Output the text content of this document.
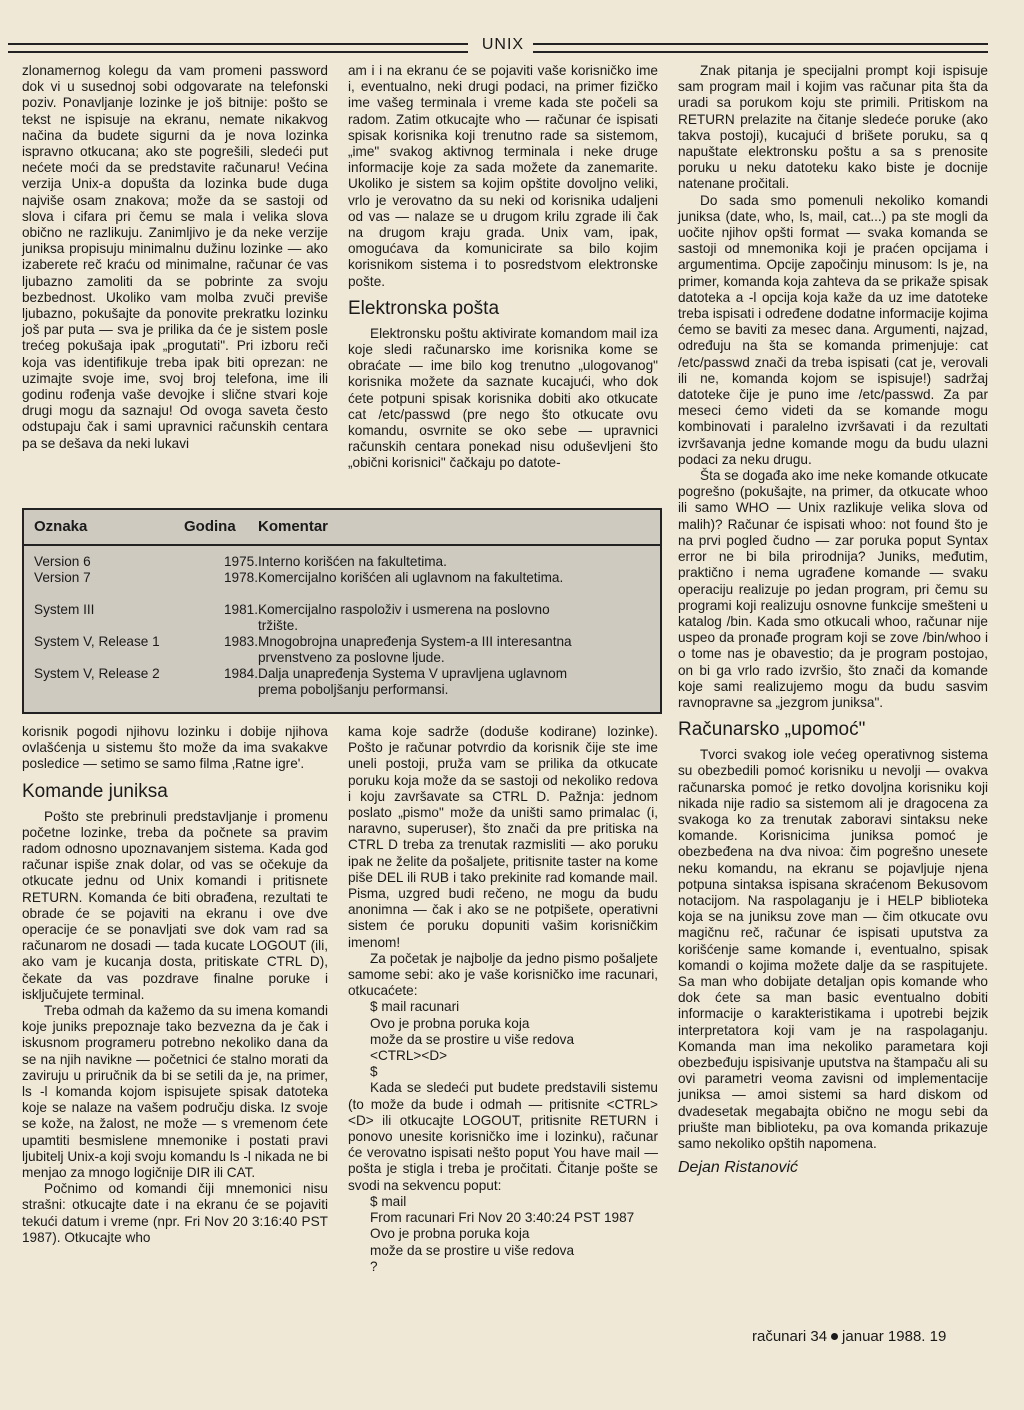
UNIX

zlonamernog kolegu da vam promeni password dok vi u susednoj sobi odgovarate na telefonski poziv. Ponavljanje lozinke je još bitnije: pošto se tekst ne ispisuje na ekranu, nemate nikakvog načina da budete sigurni da je nova lozinka ispravno otkucana; ako ste pogrešili, sledeći put nećete moći da se predstavite računaru! Većina verzija Unix-a dopušta da lozinka bude duga najviše osam znakova; može da se sastoji od slova i cifara pri čemu se mala i velika slova obično ne razlikuju. Zanimljivo je da neke verzije juniksa propisuju minimalnu dužinu lozinke — ako izaberete reč kraću od minimalne, računar će vas ljubazno zamoliti da se pobrinte za svoju bezbednost. Ukoliko vam molba zvuči previše ljubazno, pokušajte da ponovite prekratku lozinku još par puta — sva je prilika da će je sistem posle trećeg pokušaja ipak „progutati". Pri izboru reči koja vas identifikuje treba ipak biti oprezan: ne uzimajte svoje ime, svoj broj telefona, ime ili godinu rođenja vaše devojke i slične stvari koje drugi mogu da saznaju! Od ovoga saveta često odstupaju čak i sami upravnici računskih centara pa se dešava da neki lukavi

am i i na ekranu će se pojaviti vaše korisničko ime i, eventualno, neki drugi podaci, na primer fizičko ime vašeg terminala i vreme kada ste počeli sa radom. Zatim otkucajte who — računar će ispisati spisak korisnika koji trenutno rade sa sistemom, „ime" svakog aktivnog terminala i neke druge informacije koje za sada možete da zanemarite. Ukoliko je sistem sa kojim opštite dovoljno veliki, vrlo je verovatno da su neki od korisnika udaljeni od vas — nalaze se u drugom krilu zgrade ili čak na drugom kraju grada. Unix vam, ipak, omogućava da komunicirate sa bilo kojim korisnikom sistema i to posredstvom elektronske pošte.

Elektronska pošta

Elektronsku poštu aktivirate komandom mail iza koje sledi računarsko ime korisnika kome se obraćate — ime bilo kog trenutno „ulogovanog" korisnika možete da saznate kucajući, who dok ćete potpuni spisak korisnika dobiti ako otkucate cat /etc/passwd (pre nego što otkucate ovu komandu, osvrnite se oko sebe — upravnici računskih centara ponekad nisu oduševljeni što „obični korisnici" čačkaju po datote-

Oznaka	Godina Komentar
Version 6	1975. Interno korišćen na fakultetima.
Version 7	1978. Komercijalno korišćen ali uglavnom na fakultetima.
System III	1981. Komercijalno raspoloživ i usmerena na poslovno tržište.
System V, Release 1	1983. Mnogobrojna unapređenja System-a III interesantna prvenstveno za poslovne ljude.
System V, Release 2	1984. Dalja unapređenja Systema V upravljena uglavnom prema poboljšanju performansi.

korisnik pogodi njihovu lozinku i dobije njihova ovlašćenja u sistemu što može da ima svakakve posledice — setimo se samo filma ‚Ratne igre'.

Komande juniksa

Pošto ste prebrinuli predstavljanje i promenu početne lozinke, treba da počnete sa pravim radom odnosno upoznavanjem sistema. Kada god računar ispiše znak dolar, od vas se očekuje da otkucate jednu od Unix komandi i pritisnete RETURN. Komanda će biti obrađena, rezultati te obrade će se pojaviti na ekranu i ove dve operacije će se ponavljati sve dok vam rad sa računarom ne dosadi — tada kucate LOGOUT (ili, ako vam je kucanja dosta, pritiskate CTRL D), čekate da vas pozdrave finalne poruke i isključujete terminal.

Treba odmah da kažemo da su imena komandi koje juniks prepoznaje tako bezvezna da je čak i iskusnom programeru potrebno nekoliko dana da se na njih navikne — početnici će stalno morati da zaviruju u priručnik da bi se setili da je, na primer, ls -l komanda kojom ispisujete spisak datoteka koje se nalaze na vašem području diska. Iz svoje se kože, na žalost, ne može — s vremenom ćete upamtiti besmislene mnemonike i postati pravi ljubitelj Unix-a koji svoju komandu ls -l nikada ne bi menjao za mnogo logičnije DIR ili CAT.

Počnimo od komandi čiji mnemonici nisu strašni: otkucajte date i na ekranu će se pojaviti tekući datum i vreme (npr. Fri Nov 20 3:16:40 PST 1987). Otkucajte who

kama koje sadrže (doduše kodirane) lozinke). Pošto je računar potvrdio da korisnik čije ste ime uneli postoji, pruža vam se prilika da otkucate poruku koja može da se sastoji od nekoliko redova i koju završavate sa CTRL D. Pažnja: jednom poslato „pismo" može da uništi samo primalac (i, naravno, superuser), što znači da pre pritiska na CTRL D treba za trenutak razmisliti — ako poruku ipak ne želite da pošaljete, pritisnite taster na kome piše DEL ili RUB i tako prekinite rad komande mail. Pisma, uzgred budi rečeno, ne mogu da budu anonimna — čak i ako se ne potpišete, operativni sistem će poruku dopuniti vašim korisničkim imenom!

Za početak je najbolje da jedno pismo pošaljete samome sebi: ako je vaše korisničko ime racunari, otkucaćete:

$ mail racunari

Ovo je probna poruka koja

može da se prostire u više redova

<CTRL><D>

$

Kada se sledeći put budete predstavili sistemu (to može da bude i odmah — pritisnite <CTRL><D> ili otkucajte LOGOUT, pritisnite RETURN i ponovo unesite korisničko ime i lozinku), računar će verovatno ispisati nešto poput You have mail — pošta je stigla i treba je pročitati. Čitanje pošte se svodi na sekvencu poput:

$ mail

From racunari Fri Nov 20 3:40:24 PST 1987

Ovo je probna poruka koja

može da se prostire u više redova

?

Znak pitanja je specijalni prompt koji ispisuje sam program mail i kojim vas računar pita šta da uradi sa porukom koju ste primili. Pritiskom na RETURN prelazite na čitanje sledeće poruke (ako takva postoji), kucajući d brišete poruku, sa q napuštate elektronsku poštu a sa s prenosite poruku u neku datoteku kako biste je docnije natenane pročitali.

Do sada smo pomenuli nekoliko komandi juniksa (date, who, ls, mail, cat...) pa ste mogli da uočite njihov opšti format — svaka komanda se sastoji od mnemonika koji je praćen opcijama i argumentima. Opcije započinju minusom: ls je, na primer, komanda koja zahteva da se prikaže spisak datoteka a -l opcija koja kaže da uz ime datoteke treba ispisati i određene dodatne informacije kojima ćemo se baviti za mesec dana. Argumenti, najzad, određuju na šta se komanda primenjuje: cat /etc/passwd znači da treba ispisati (cat je, verovali ili ne, komanda kojom se ispisuje!) sadržaj datoteke čije je puno ime /etc/passwd. Za par meseci ćemo videti da se komande mogu kombinovati i paralelno izvršavati i da rezultati izvršavanja jedne komande mogu da budu ulazni podaci za neku drugu.

Šta se događa ako ime neke komande otkucate pogrešno (pokušajte, na primer, da otkucate whoo ili samo WHO — Unix razlikuje velika slova od malih)? Računar će ispisati whoo: not found što je na prvi pogled čudno — zar poruka poput Syntax error ne bi bila prirodnija? Juniks, međutim, praktično i nema ugrađene komande — svaku operaciju realizuje po jedan program, pri čemu su programi koji realizuju osnovne funkcije smešteni u katalog /bin. Kada smo otkucali whoo, računar nije uspeo da pronađe program koji se zove /bin/whoo i o tome nas je obavestio; da je program postojao, on bi ga vrlo rado izvršio, što znači da komande koje sami realizujemo mogu da budu sasvim ravnopravne sa „jezgrom juniksa".

Računarsko „upomoć"

Tvorci svakog iole većeg operativnog sistema su obezbedili pomoć korisniku u nevolji — ovakva računarska pomoć je retko dovoljna korisniku koji nikada nije radio sa sistemom ali je dragocena za svakoga ko za trenutak zaboravi sintaksu neke komande. Korisnicima juniksa pomoć je obezbeđena na dva nivoa: čim pogrešno unesete neku komandu, na ekranu se pojavljuje njena potpuna sintaksa ispisana skraćenom Bekusovom notacijom. Na raspolaganju je i HELP biblioteka koja se na juniksu zove man — čim otkucate ovu magičnu reč, računar će ispisati uputstva za korišćenje same komande i, eventualno, spisak komandi o kojima možete dalje da se raspitujete. Sa man who dobijate detaljan opis komande who dok ćete sa man basic eventualno dobiti informacije o karakteristikama i upotrebi bejzik interpretatora koji vam je na raspolaganju. Komanda man ima nekoliko parametara koji obezbeđuju ispisivanje uputstva na štampaču ali su ovi parametri veoma zavisni od implementacije juniksa — amoi sistemi sa hard diskom od dvadesetak megabajta obično ne mogu sebi da priušte man biblioteku, pa ova komanda prikazuje samo nekoliko opštih napomena.

Dejan Ristanović

računari 34 januar 1988. 19
